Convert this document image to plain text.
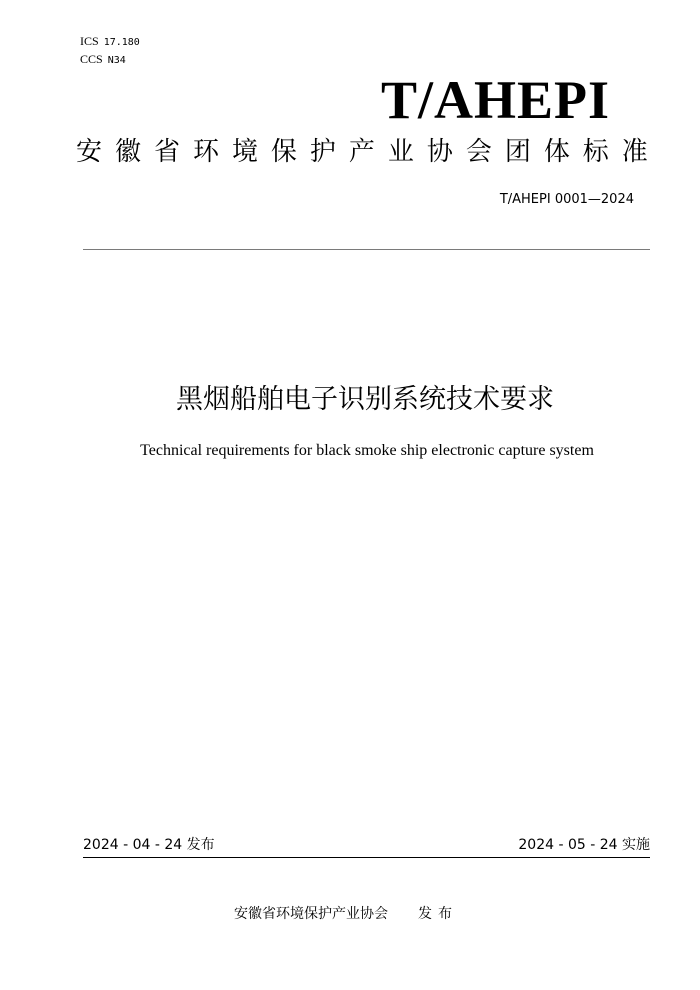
ICS 17.180
CCS N34
T/AHEPI
安 徽 省 环 境 保 护 产 业 协 会 团 体 标 准
T/AHEPI 0001—2024
黑烟船舶电子识别系统技术要求
Technical requirements for black smoke ship electronic capture system
2024 - 04 - 24 发布	2024 - 05 - 24 实施
安徽省环境保护产业协会 发布
